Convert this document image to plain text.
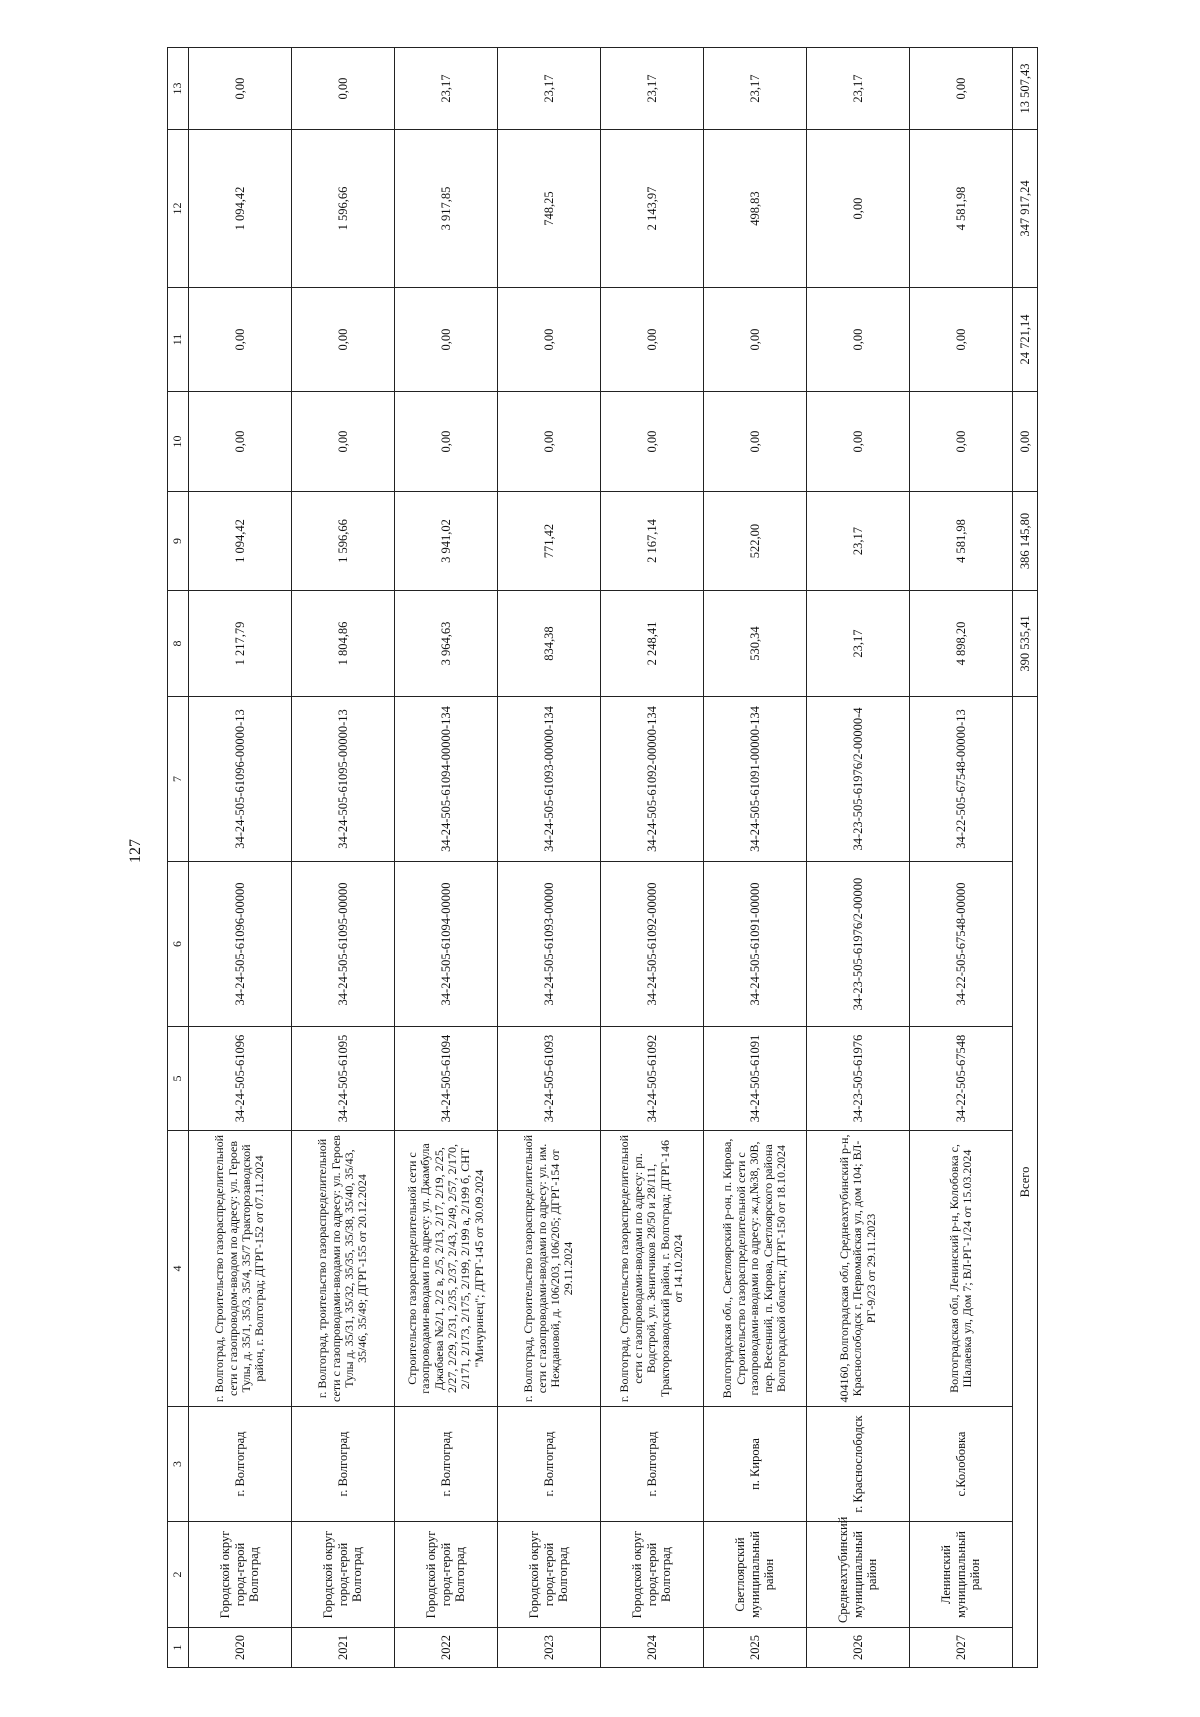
127
1	2	3	4	5	6	7	8	9	10	11	12	13
2020	Городской округ город-герой Волгоград	г. Волгоград	г. Волгоград, Строительство газораспределительной сети с газопроводом-вводом по адресу: ул. Героев Тулы, д. 35/1, 35/3, 35/4, 35/7 Тракторозаводской район, г. Волгоград; ДГРГ-152 от 07.11.2024	34-24-505-61096	34-24-505-61096-00000	34-24-505-61096-00000-13	1 217,79	1 094,42	0,00	0,00	1 094,42	0,00
2021	Городской округ город-герой Волгоград	г. Волгоград	г. Волгоград, троительство газораспределительной сети с газопроводами-вводами по адресу: ул. Героев Тулы д. 35/31, 35/32, 35/35, 35/38, 35/40, 35/43, 35/46, 35/49; ДГРГ-155 от 20.12.2024	34-24-505-61095	34-24-505-61095-00000	34-24-505-61095-00000-13	1 804,86	1 596,66	0,00	0,00	1 596,66	0,00
2022	Городской округ город-герой Волгоград	г. Волгоград	Строительство газораспределительной сети с газопроводами-вводами по адресу: ул. Джамбула Джабаева №2/1, 2/2 в, 2/5, 2/13, 2/17, 2/19, 2/25, 2/27, 2/29, 2/31, 2/35, 2/37, 2/43, 2/49, 2/57, 2/170, 2/171, 2/173, 2/175, 2/199, 2/199 а, 2/199 б, СНТ "Мичуринец"; ДГРГ-145 от 30.09.2024	34-24-505-61094	34-24-505-61094-00000	34-24-505-61094-00000-134	3 964,63	3 941,02	0,00	0,00	3 917,85	23,17
2023	Городской округ город-герой Волгоград	г. Волгоград	г. Волгоград, Строительство газораспределительной сети с газопроводами-вводами по адресу: ул. им. Неждановой, д. 106/203, 106/205; ДГРГ-154 от 29.11.2024	34-24-505-61093	34-24-505-61093-00000	34-24-505-61093-00000-134	834,38	771,42	0,00	0,00	748,25	23,17
2024	Городской округ город-герой Волгоград	г. Волгоград	г. Волгоград, Строительство газораспределительной сети с газопроводами-вводами по адресу: рп. Водстрой, ул. Зенитчиков 28/50 и 28/111, Тракторозаводский район, г. Волгоград; ДГРГ-146 от 14.10.2024	34-24-505-61092	34-24-505-61092-00000	34-24-505-61092-00000-134	2 248,41	2 167,14	0,00	0,00	2 143,97	23,17
2025	Светлоярский муниципальный район	п. Кирова	Волгоградская обл., Светлоярский р-он, п. Кирова, Строительство газораспределительной сети с газопроводами-вводами по адресу: ж.д.№38, 30В, пер. Весенний, п. Кирова, Светлоярского района Волгоградской области; ДГРГ-150 от 18.10.2024	34-24-505-61091	34-24-505-61091-00000	34-24-505-61091-00000-134	530,34	522,00	0,00	0,00	498,83	23,17
2026	Среднеахтубинский муниципальный район	г. Краснослободск	404160, Волгоградская обл, Среднеахтубинский р-н, Краснослободск г, Первомайская ул, дом 104; ВЛ-РГ-9/23 от 29.11.2023	34-23-505-61976	34-23-505-61976/2-00000	34-23-505-61976/2-00000-4	23,17	23,17	0,00	0,00	0,00	23,17
2027	Ленинский муниципальный район	с.Колобовка	Волгоградская обл, Ленинский р-н, Колобовка с, Шалаевка ул, Дом 7; ВЛ-РГ-1/24 от 15.03.2024	34-22-505-67548	34-22-505-67548-00000	34-22-505-67548-00000-13	4 898,20	4 581,98	0,00	0,00	4 581,98	0,00
Всего							390 535,41	386 145,80	0,00	24 721,14	347 917,24	13 507,43
